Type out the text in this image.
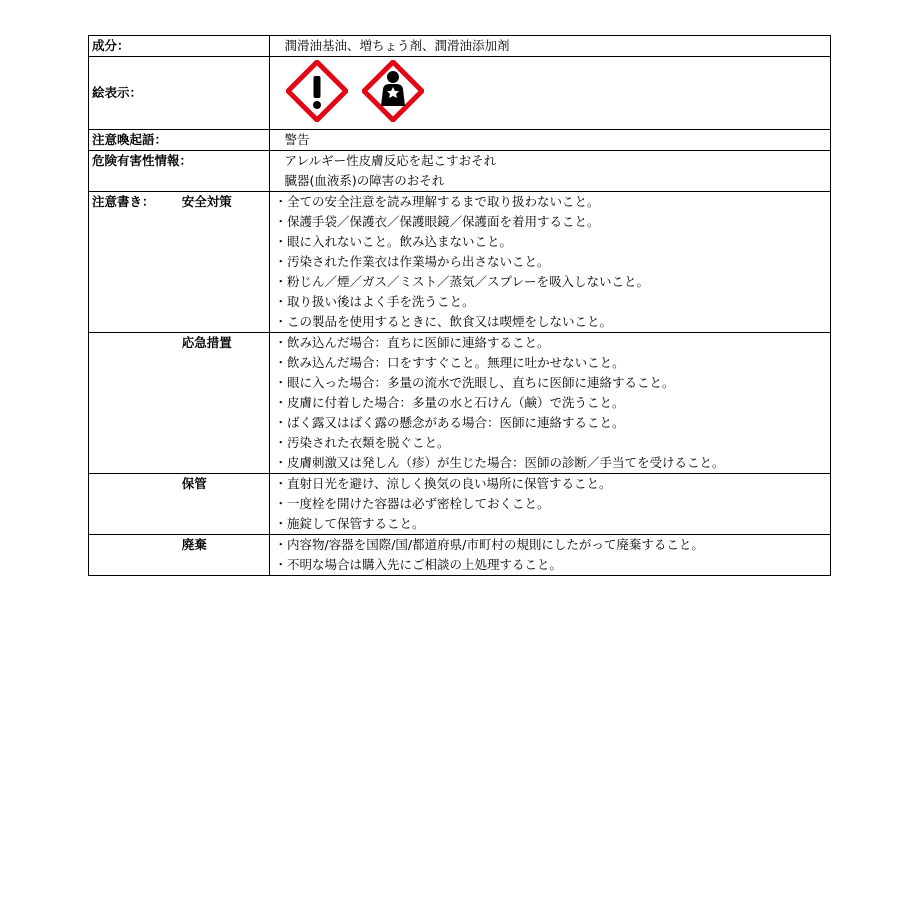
成分：		潤滑油基油、増ちょう剤、潤滑油添加剤
絵表示：	
注意喚起語：		警告
危険有害性情報：		アレルギー性皮膚反応を起こすおそれ
		臓器(血液系)の障害のおそれ
注意書き：	安全対策	・全ての安全注意を読み理解するまで取り扱わないこと。
		・保護手袋／保護衣／保護眼鏡／保護面を着用すること。
		・眼に入れないこと。飲み込まないこと。
		・汚染された作業衣は作業場から出さないこと。
		・粉じん／煙／ガス／ミスト／蒸気／スプレーを吸入しないこと。
		・取り扱い後はよく手を洗うこと。
		・この製品を使用するときに、飲食又は喫煙をしないこと。
	応急措置	・飲み込んだ場合：直ちに医師に連絡すること。
		・飲み込んだ場合：口をすすぐこと。無理に吐かせないこと。
		・眼に入った場合：多量の流水で洗眼し、直ちに医師に連絡すること。
		・皮膚に付着した場合：多量の水と石けん（鹸）で洗うこと。
		・ばく露又はばく露の懸念がある場合：医師に連絡すること。
		・汚染された衣類を脱ぐこと。
		・皮膚刺激又は発しん（疹）が生じた場合：医師の診断／手当てを受けること。
	保管	・直射日光を避け、涼しく換気の良い場所に保管すること。
		・一度栓を開けた容器は必ず密栓しておくこと。
		・施錠して保管すること。
	廃棄	・内容物/容器を国際/国/都道府県/市町村の規則にしたがって廃棄すること。
		・不明な場合は購入先にご相談の上処理すること。
